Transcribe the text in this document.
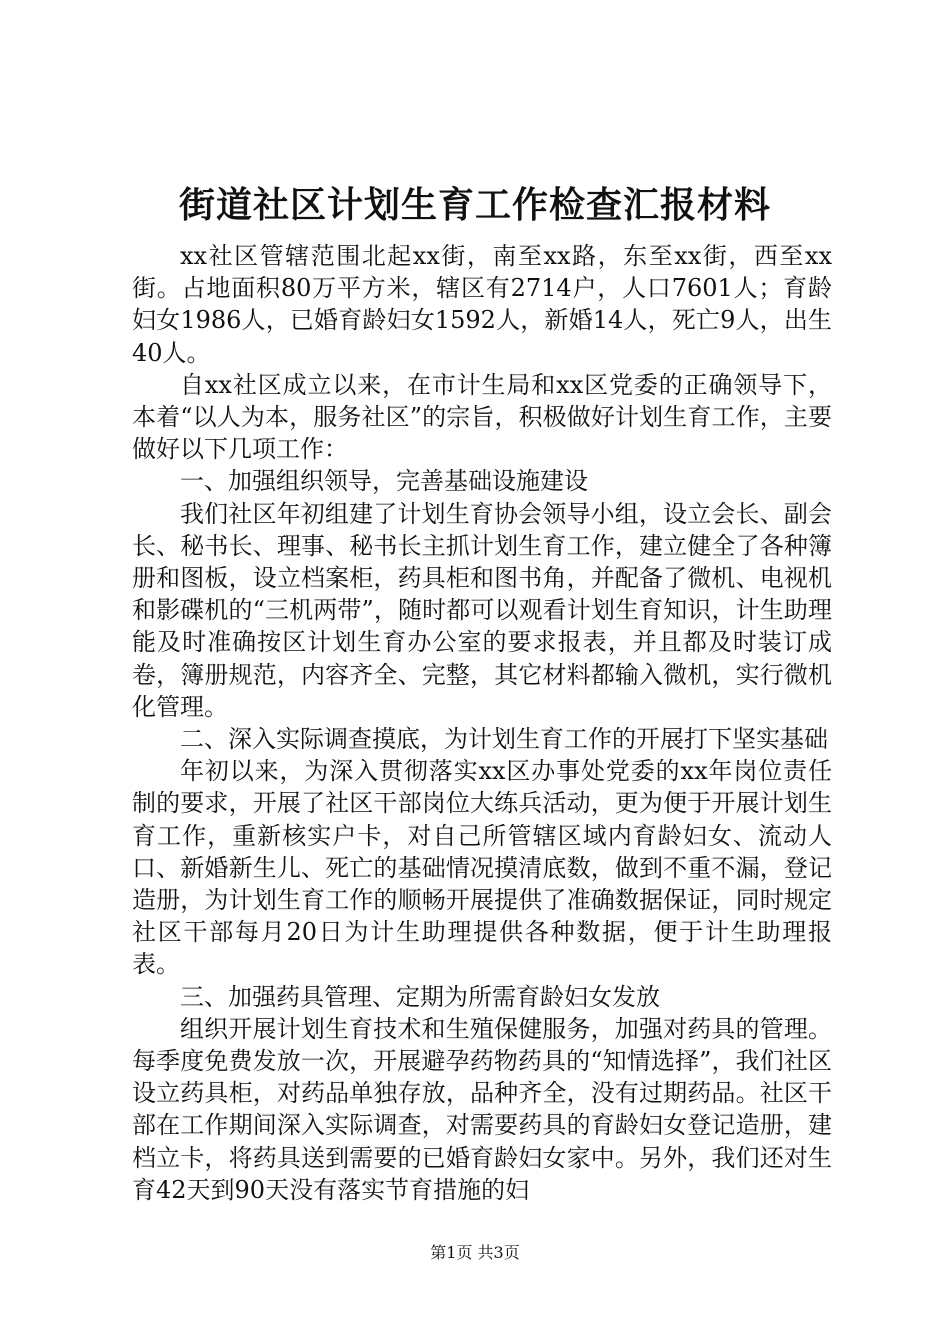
街道社区计划生育工作检查汇报材料

xx社区管辖范围北起xx街，南至xx路，东至xx街，西至xx街。占地面积80万平方米，辖区有2714户，人口7601人；育龄妇女1986人，已婚育龄妇女1592人，新婚14人，死亡9人，出生40人。

自xx社区成立以来，在市计生局和xx区党委的正确领导下，本着“以人为本，服务社区”的宗旨，积极做好计划生育工作，主要做好以下几项工作：

一、加强组织领导，完善基础设施建设

我们社区年初组建了计划生育协会领导小组，设立会长、副会长、秘书长、理事、秘书长主抓计划生育工作，建立健全了各种簿册和图板，设立档案柜，药具柜和图书角，并配备了微机、电视机和影碟机的“三机两带”，随时都可以观看计划生育知识，计生助理能及时准确按区计划生育办公室的要求报表，并且都及时装订成卷，簿册规范，内容齐全、完整，其它材料都输入微机，实行微机化管理。

二、深入实际调查摸底，为计划生育工作的开展打下坚实基础

年初以来，为深入贯彻落实xx区办事处党委的xx年岗位责任制的要求，开展了社区干部岗位大练兵活动，更为便于开展计划生育工作，重新核实户卡，对自己所管辖区域内育龄妇女、流动人口、新婚新生儿、死亡的基础情况摸清底数，做到不重不漏，登记造册，为计划生育工作的顺畅开展提供了准确数据保证，同时规定社区干部每月20日为计生助理提供各种数据，便于计生助理报表。

三、加强药具管理、定期为所需育龄妇女发放

组织开展计划生育技术和生殖保健服务，加强对药具的管理。每季度免费发放一次，开展避孕药物药具的“知情选择”，我们社区设立药具柜，对药品单独存放，品种齐全，没有过期药品。社区干部在工作期间深入实际调查，对需要药具的育龄妇女登记造册，建档立卡，将药具送到需要的已婚育龄妇女家中。另外，我们还对生育42天到90天没有落实节育措施的妇

第1页 共3页
